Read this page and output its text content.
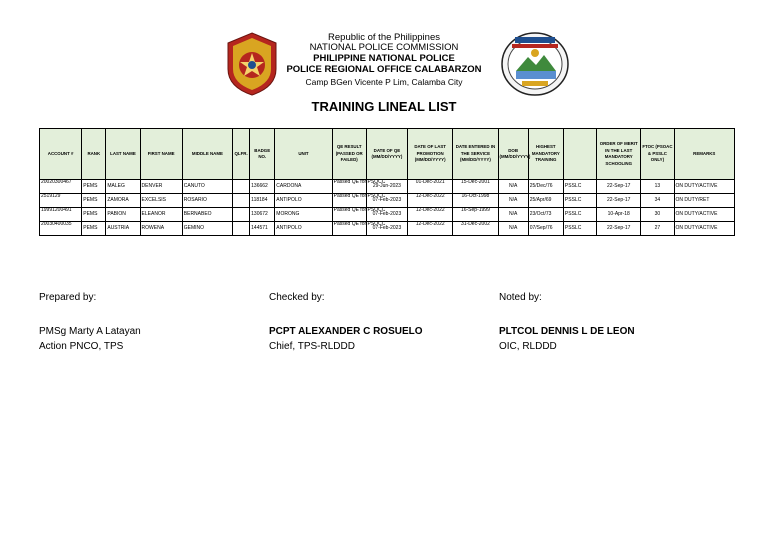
Republic of the Philippines
NATIONAL POLICE COMMISSION
PHILIPPINE NATIONAL POLICE
POLICE REGIONAL OFFICE CALABARZON
Camp BGen Vicente P Lim, Calamba City
TRAINING LINEAL LIST
ACCOUNT #	RANK	LAST NAME	FIRST NAME	MIDDLE NAME	QLFR.	BADGE NO.	UNIT	QE RESULT (PASSED OR FAILED)	DATE OF QE (MM/DD/YYYY)	DATE OF LAST PROMOTION (MM/DD/YYYY)	DATE ENTERED IN THE SERVICE (MM/DD/YYYY)	DOB (MM/DD/YYYY)	HIGHEST MANDATORY TRAINING		ORDER OF MERIT IN THE LAST MANDATORY SCHOOLING	FTOC (PSOAC & PSSLC ONLY)	REMARKS
20020300467	PEMS	MALEG	DENVER	CANUTO		136662	CARDONA	Passed QE for PSOCC	29-Jun-2023	01-Dec-2021	15-Dec-2001	N/A	25/Dec/76	PSSLC	22-Sep-17	13	ON DUTY/ACTIVE
2519129	PEMS	ZAMORA	EXCELSIS	ROSARIO		118184	ANTIPOLO	Passed QE for PSOCC	07-Feb-2023	12-Dec-2022	16-Oct-1998	N/A	25/Apr/69	PSSLC	22-Sep-17	34	ON DUTY/RET
19991200491	PEMS	PABION	ELEANOR	BERNABEO		130672	MORONG	Passed QE for PSOCC	07-Feb-2023	12-Dec-2022	16-Sep-1999	N/A	23/Oct/73	PSSLC	10-Apr-18	30	ON DUTY/ACTIVE
20030400035	PEMS	AUSTRIA	ROWENA	GEMINO		144571	ANTIPOLO	Passed QE for PSOCC	07-Feb-2023	12-Dec-2022	31-Dec-2002	N/A	07/Sep/76	PSSLC	22-Sep-17	27	ON DUTY/ACTIVE
Prepared by:
PMSg Marty A Latayan
Action PNCO, TPS
Checked by:
PCPT ALEXANDER C ROSUELO
Chief, TPS-RLDDD
Noted by:
PLTCOL DENNIS L DE LEON
OIC, RLDDD
